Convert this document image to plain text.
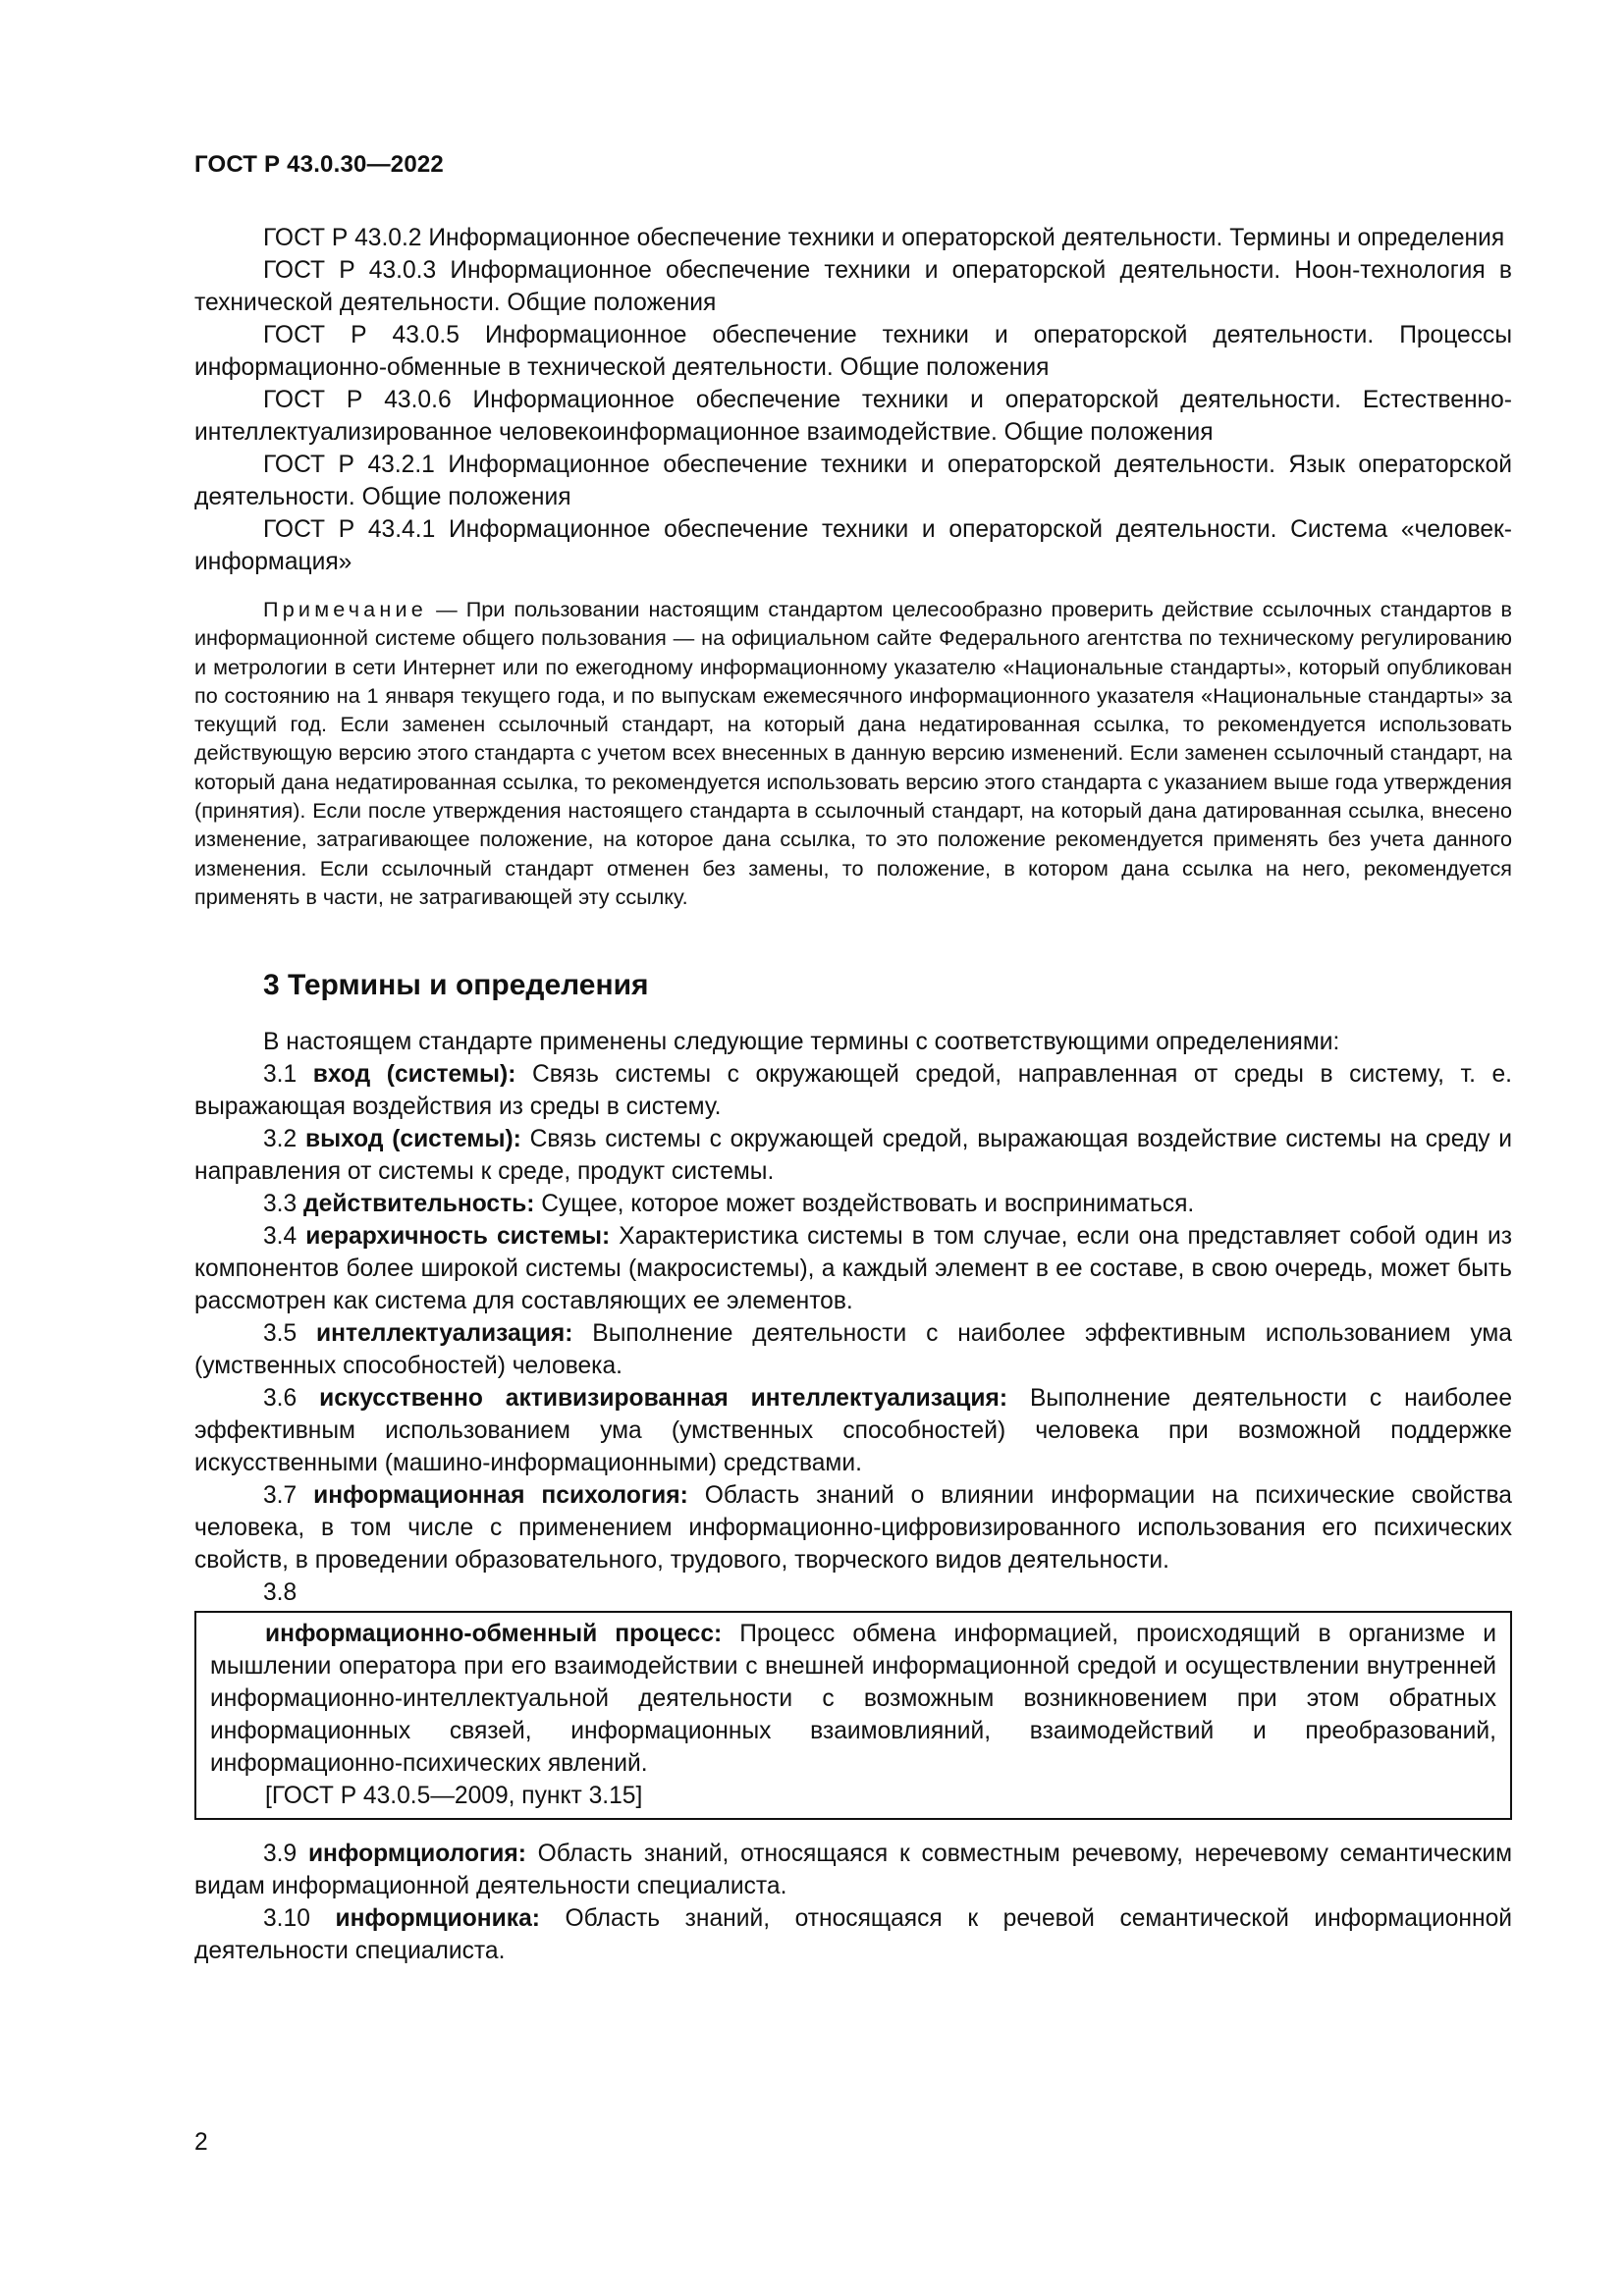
ГОСТ Р 43.0.30—2022

ГОСТ Р 43.0.2 Информационное обеспечение техники и операторской деятельности. Термины и определения

ГОСТ Р 43.0.3 Информационное обеспечение техники и операторской деятельности. Ноон-технология в технической деятельности. Общие положения

ГОСТ Р 43.0.5 Информационное обеспечение техники и операторской деятельности. Процессы информационно-обменные в технической деятельности. Общие положения

ГОСТ Р 43.0.6 Информационное обеспечение техники и операторской деятельности. Естественно-интеллектуализированное человекоинформационное взаимодействие. Общие положения

ГОСТ Р 43.2.1 Информационное обеспечение техники и операторской деятельности. Язык операторской деятельности. Общие положения

ГОСТ Р 43.4.1 Информационное обеспечение техники и операторской деятельности. Система «человек-информация»

Примечание — При пользовании настоящим стандартом целесообразно проверить действие ссылочных стандартов в информационной системе общего пользования — на официальном сайте Федерального агентства по техническому регулированию и метрологии в сети Интернет или по ежегодному информационному указателю «Национальные стандарты», который опубликован по состоянию на 1 января текущего года, и по выпускам ежемесячного информационного указателя «Национальные стандарты» за текущий год. Если заменен ссылочный стандарт, на который дана недатированная ссылка, то рекомендуется использовать действующую версию этого стандарта с учетом всех внесенных в данную версию изменений. Если заменен ссылочный стандарт, на который дана недатированная ссылка, то рекомендуется использовать версию этого стандарта с указанием выше года утверждения (принятия). Если после утверждения настоящего стандарта в ссылочный стандарт, на который дана датированная ссылка, внесено изменение, затрагивающее положение, на которое дана ссылка, то это положение рекомендуется применять без учета данного изменения. Если ссылочный стандарт отменен без замены, то положение, в котором дана ссылка на него, рекомендуется применять в части, не затрагивающей эту ссылку.

3 Термины и определения

В настоящем стандарте применены следующие термины с соответствующими определениями:

3.1 вход (системы): Связь системы с окружающей средой, направленная от среды в систему, т. е. выражающая воздействия из среды в систему.

3.2 выход (системы): Связь системы с окружающей средой, выражающая воздействие системы на среду и направления от системы к среде, продукт системы.

3.3 действительность: Сущее, которое может воздействовать и восприниматься.

3.4 иерархичность системы: Характеристика системы в том случае, если она представляет собой один из компонентов более широкой системы (макросистемы), а каждый элемент в ее составе, в свою очередь, может быть рассмотрен как система для составляющих ее элементов.

3.5 интеллектуализация: Выполнение деятельности с наиболее эффективным использованием ума (умственных способностей) человека.

3.6 искусственно активизированная интеллектуализация: Выполнение деятельности с наиболее эффективным использованием ума (умственных способностей) человека при возможной поддержке искусственными (машино-информационными) средствами.

3.7 информационная психология: Область знаний о влиянии информации на психические свойства человека, в том числе с применением информационно-цифровизированного использования его психических свойств, в проведении образовательного, трудового, творческого видов деятельности.

3.8

информационно-обменный процесс: Процесс обмена информацией, происходящий в организме и мышлении оператора при его взаимодействии с внешней информационной средой и осуществлении внутренней информационно-интеллектуальной деятельности с возможным возникновением при этом обратных информационных связей, информационных взаимовлияний, взаимодействий и преобразований, информационно-психических явлений.

[ГОСТ Р 43.0.5—2009, пункт 3.15]

3.9 информциология: Область знаний, относящаяся к совместным речевому, неречевому семантическим видам информационной деятельности специалиста.

3.10 информционика: Область знаний, относящаяся к речевой семантической информационной деятельности специалиста.

2
